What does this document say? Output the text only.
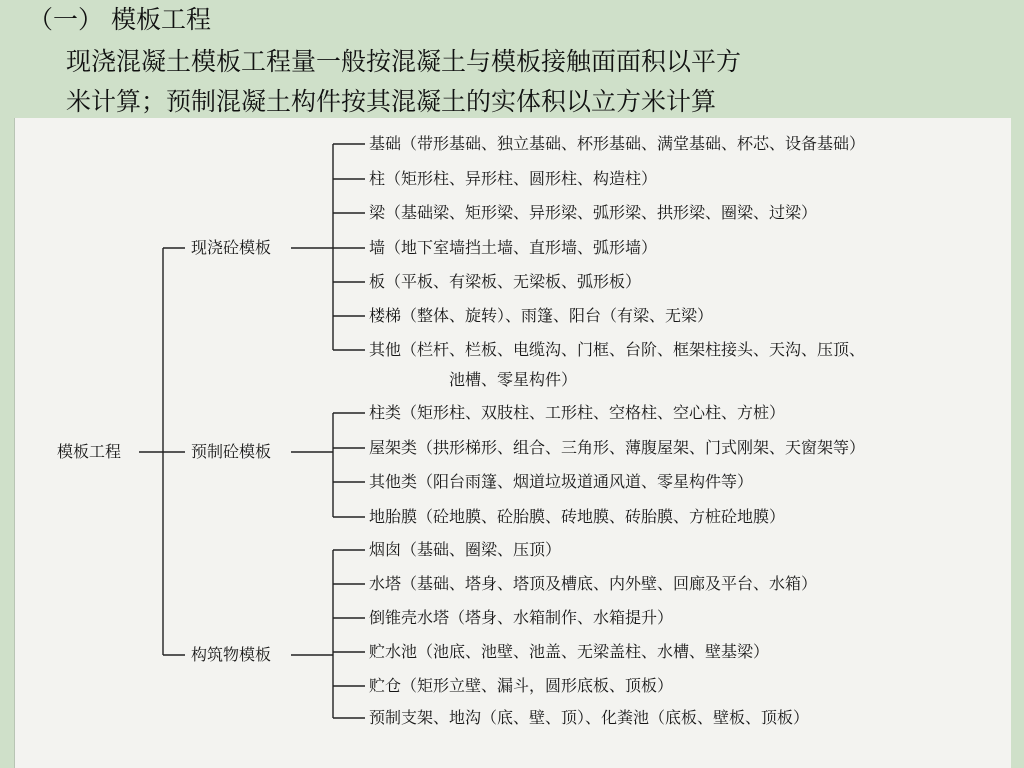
（一） 模板工程
现浇混凝土模板工程量一般按混凝土与模板接触面面积以平方
米计算；预制混凝土构件按其混凝土的实体积以立方米计算
模板工程
现浇砼模板
预制砼模板
构筑物模板
基础（带形基础、独立基础、杯形基础、满堂基础、杯芯、设备基础）
柱（矩形柱、异形柱、圆形柱、构造柱）
梁（基础梁、矩形梁、异形梁、弧形梁、拱形梁、圈梁、过梁）
墙（地下室墙挡土墙、直形墙、弧形墙）
板（平板、有梁板、无梁板、弧形板）
楼梯（整体、旋转）、雨篷、阳台（有梁、无梁）
其他（栏杆、栏板、电缆沟、门框、台阶、框架柱接头、天沟、压顶、
池槽、零星构件）
柱类（矩形柱、双肢柱、工形柱、空格柱、空心柱、方桩）
屋架类（拱形梯形、组合、三角形、薄腹屋架、门式刚架、天窗架等）
其他类（阳台雨篷、烟道垃圾道通风道、零星构件等）
地胎膜（砼地膜、砼胎膜、砖地膜、砖胎膜、方桩砼地膜）
烟囱（基础、圈梁、压顶）
水塔（基础、塔身、塔顶及槽底、内外壁、回廊及平台、水箱）
倒锥壳水塔（塔身、水箱制作、水箱提升）
贮水池（池底、池壁、池盖、无梁盖柱、水槽、壁基梁）
贮仓（矩形立壁、漏斗，圆形底板、顶板）
预制支架、地沟（底、壁、顶）、化粪池（底板、壁板、顶板）
